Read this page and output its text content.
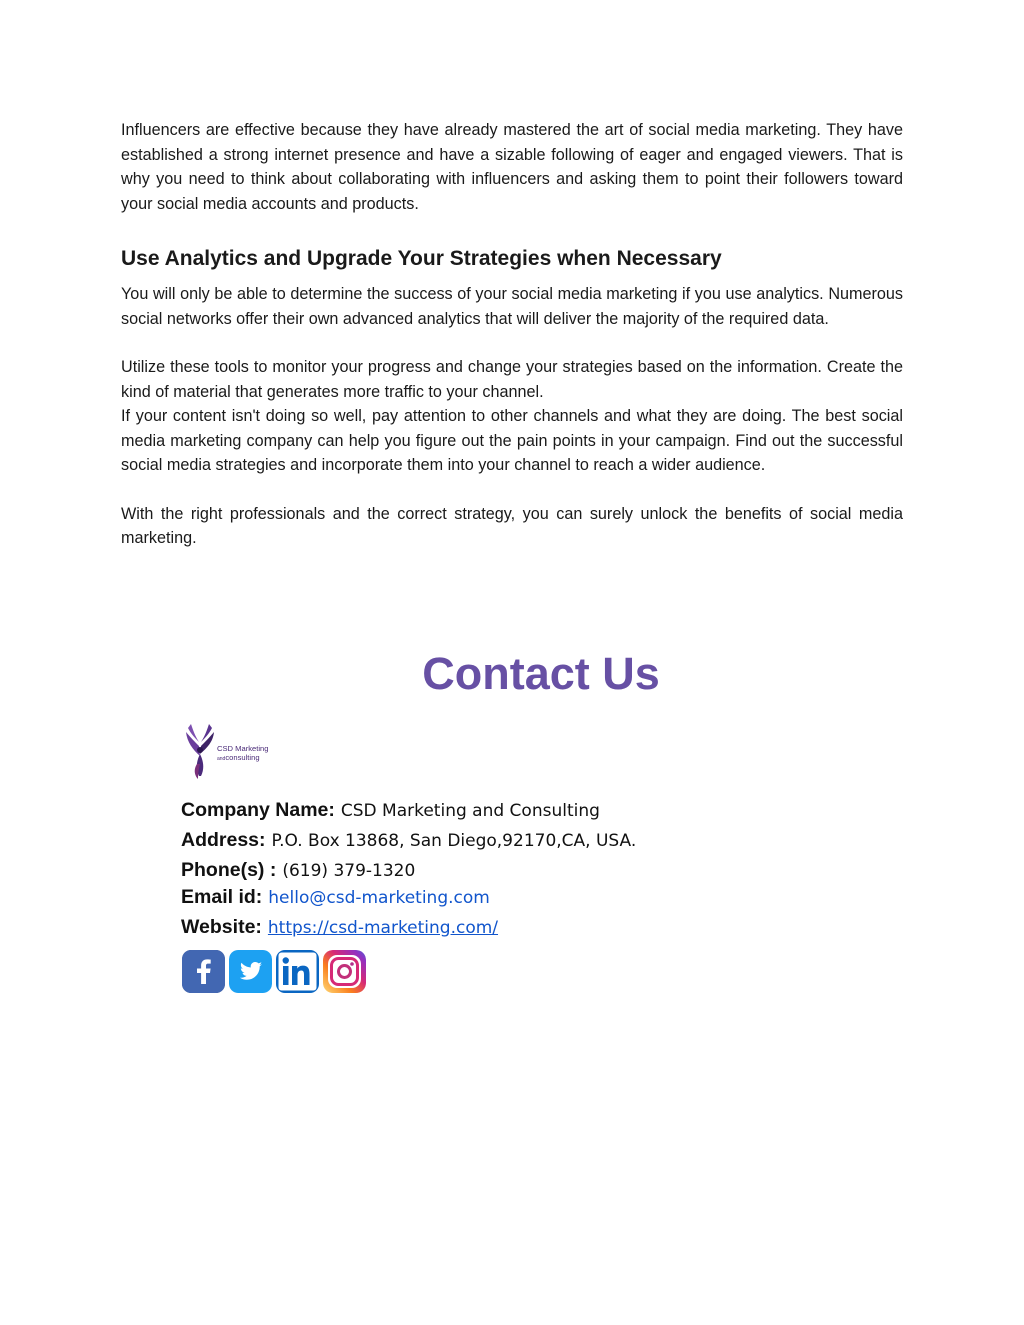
Influencers are effective because they have already mastered the art of social media marketing. They have established a strong internet presence and have a sizable following of eager and engaged viewers. That is why you need to think about collaborating with influencers and asking them to point their followers toward your social media accounts and products.

Use Analytics and Upgrade Your Strategies when Necessary

You will only be able to determine the success of your social media marketing if you use analytics. Numerous social networks offer their own advanced analytics that will deliver the majority of the required data.

Utilize these tools to monitor your progress and change your strategies based on the information. Create the kind of material that generates more traffic to your channel.

If your content isn't doing so well, pay attention to other channels and what they are doing. The best social media marketing company can help you figure out the pain points in your campaign. Find out the successful social media strategies and incorporate them into your channel to reach a wider audience.

With the right professionals and the correct strategy, you can surely unlock the benefits of social media marketing.

Contact Us
CSD Marketing
andconsulting
Company Name: CSD Marketing and Consulting
Address: P.O. Box 13868, San Diego,92170,CA, USA.
Phone(s) : (619) 379-1320
Email id: hello@csd-marketing.com
Website: https://csd-marketing.com/
